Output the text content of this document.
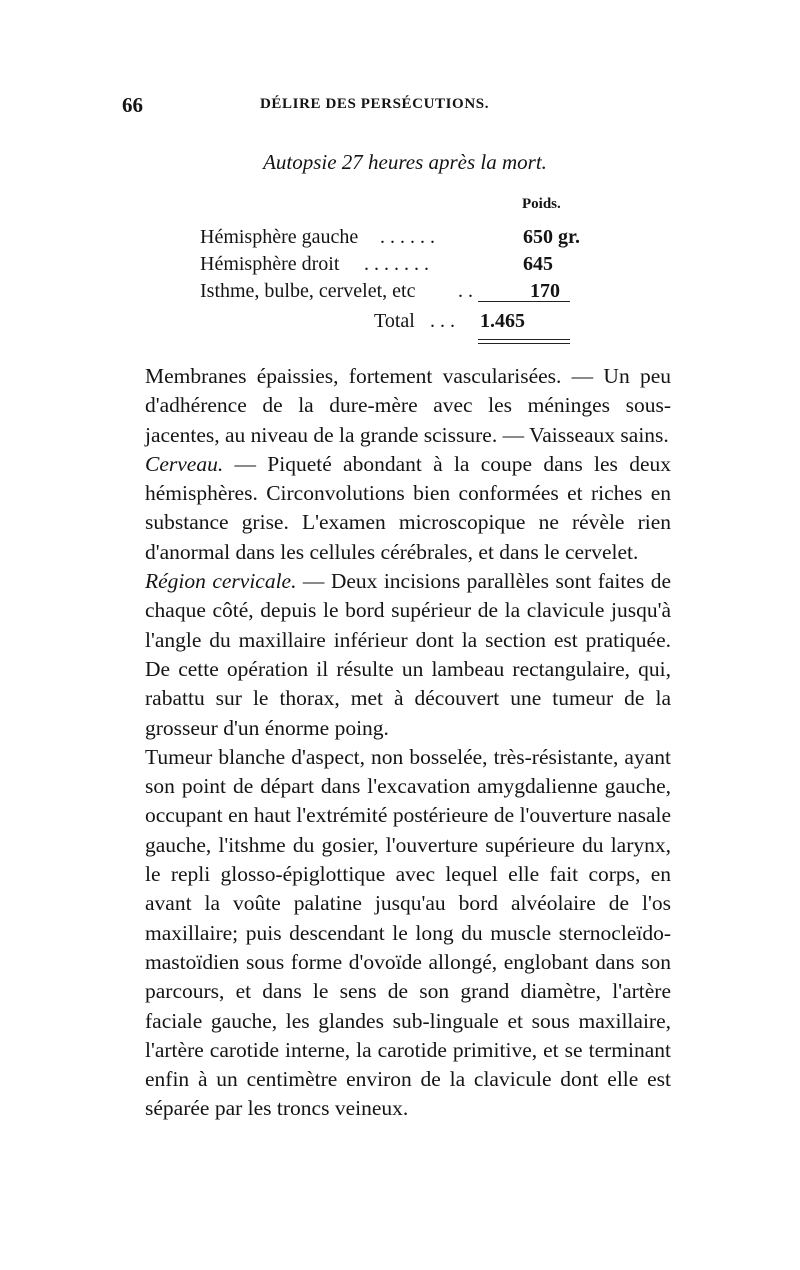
66	DÉLIRE DES PERSÉCUTIONS.
Autopsie 27 heures après la mort.
Poids.
Hémisphère gauche ......	650 gr.
Hémisphère droit .......	645
Isthme, bulbe, cervelet, etc ..	170
Total ... 1.465

Membranes épaissies, fortement vascularisées. — Un peu d'adhérence de la dure-mère avec les méninges sous-jacentes, au niveau de la grande scissure. — Vaisseaux sains.

Cerveau. — Piqueté abondant à la coupe dans les deux hémisphères. Circonvolutions bien conformées et riches en substance grise. L'examen microscopique ne révèle rien d'anormal dans les cellules cérébrales, et dans le cervelet.

Région cervicale. — Deux incisions parallèles sont faites de chaque côté, depuis le bord supérieur de la clavicule jusqu'à l'angle du maxillaire inférieur dont la section est pratiquée. De cette opération il résulte un lambeau rectangulaire, qui, rabattu sur le thorax, met à découvert une tumeur de la grosseur d'un énorme poing.

Tumeur blanche d'aspect, non bosselée, très-résistante, ayant son point de départ dans l'excavation amygdalienne gauche, occupant en haut l'extrémité postérieure de l'ouverture nasale gauche, l'itshme du gosier, l'ouverture supérieure du larynx, le repli glosso-épiglottique avec lequel elle fait corps, en avant la voûte palatine jusqu'au bord alvéolaire de l'os maxillaire; puis descendant le long du muscle sternocleïdo-mastoïdien sous forme d'ovoïde allongé, englobant dans son parcours, et dans le sens de son grand diamètre, l'artère faciale gauche, les glandes sub-linguale et sous maxillaire, l'artère carotide interne, la carotide primitive, et se terminant enfin à un centimètre environ de la clavicule dont elle est séparée par les troncs veineux.
